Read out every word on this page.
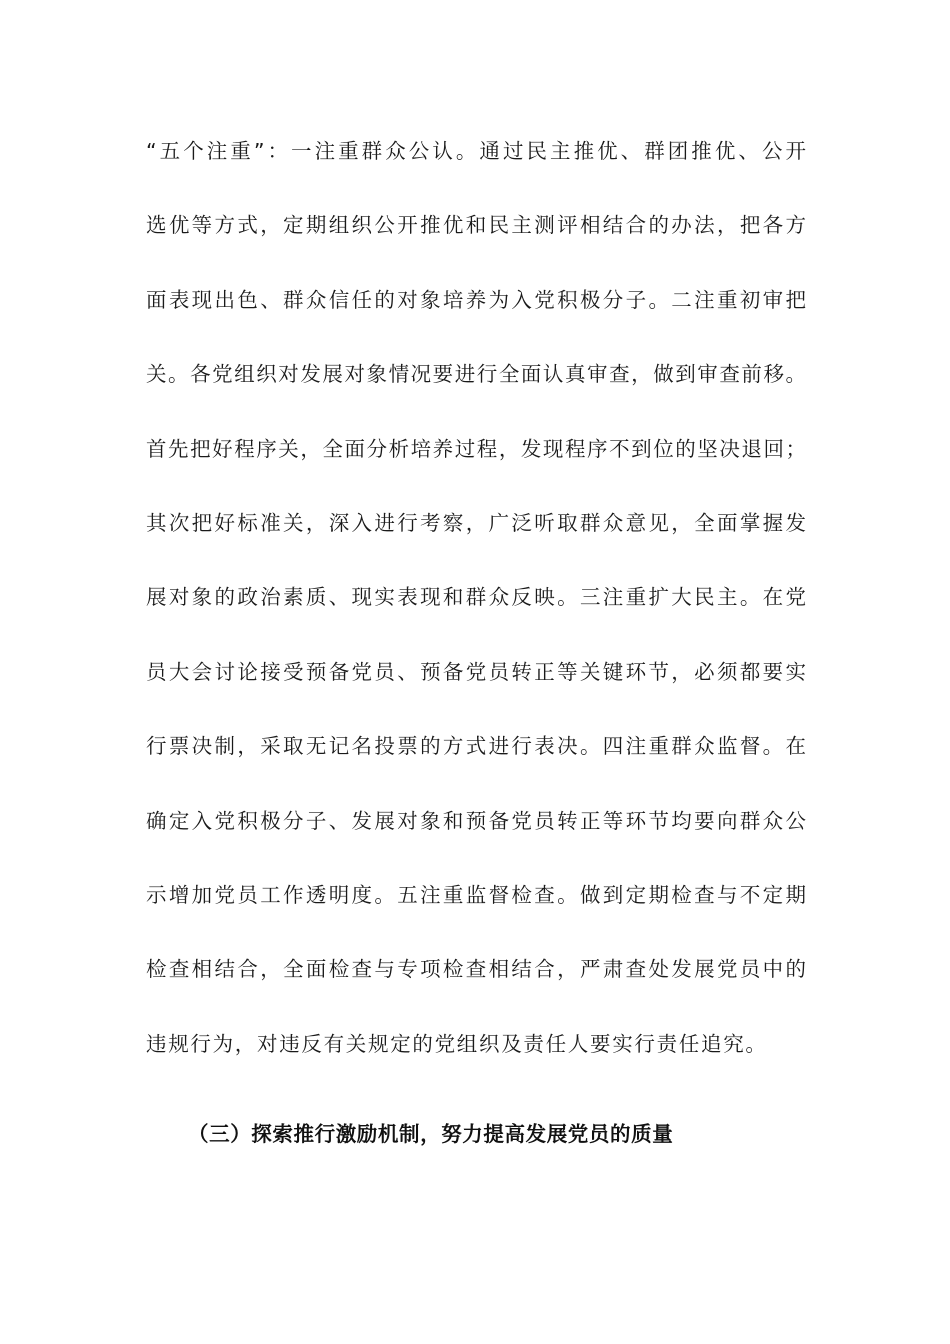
“五个注重”：一注重群众公认。通过民主推优、群团推优、公开
选优等方式，定期组织公开推优和民主测评相结合的办法，把各方
面表现出色、群众信任的对象培养为入党积极分子。二注重初审把
关。各党组织对发展对象情况要进行全面认真审查，做到审查前移。
首先把好程序关，全面分析培养过程，发现程序不到位的坚决退回；
其次把好标准关，深入进行考察，广泛听取群众意见，全面掌握发
展对象的政治素质、现实表现和群众反映。三注重扩大民主。在党
员大会讨论接受预备党员、预备党员转正等关键环节，必须都要实
行票决制，采取无记名投票的方式进行表决。四注重群众监督。在
确定入党积极分子、发展对象和预备党员转正等环节均要向群众公
示增加党员工作透明度。五注重监督检查。做到定期检查与不定期
检查相结合，全面检查与专项检查相结合，严肃查处发展党员中的
违规行为，对违反有关规定的党组织及责任人要实行责任追究。
（三）探索推行激励机制，努力提高发展党员的质量
